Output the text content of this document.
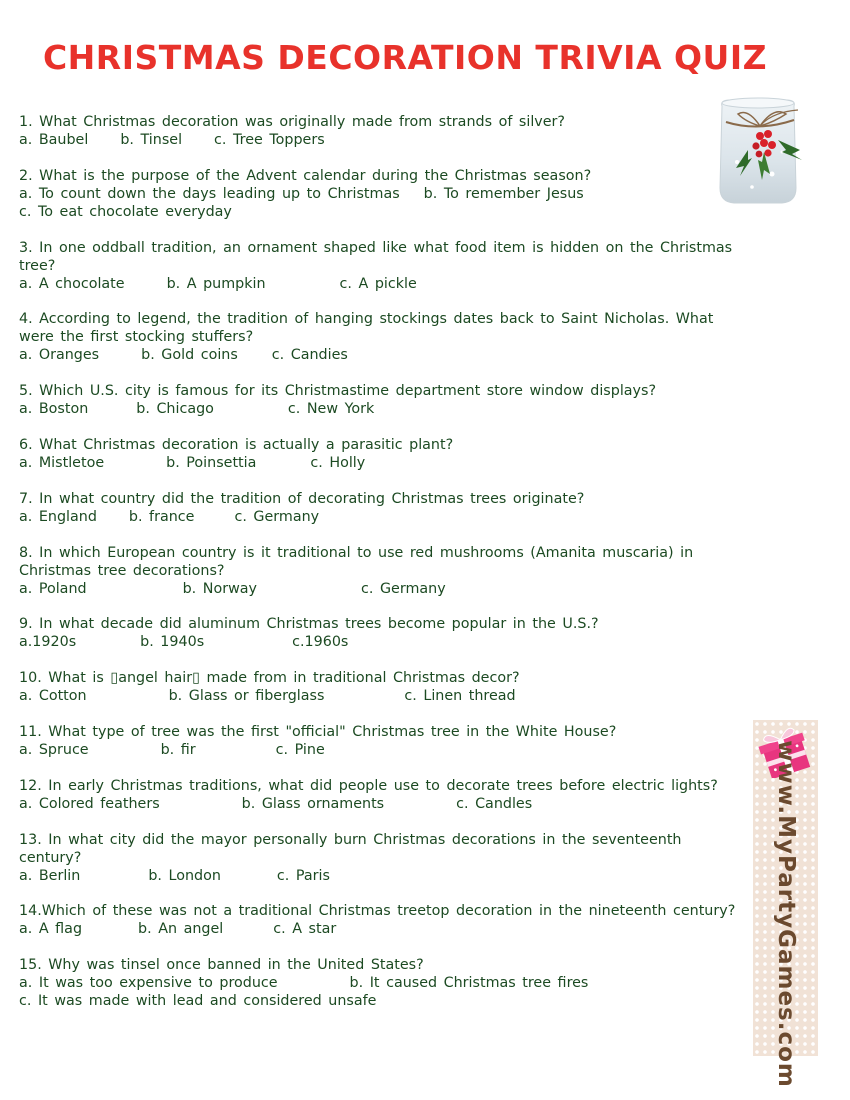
CHRISTMAS DECORATION TRIVIA QUIZ
1. What Christmas decoration was originally made from strands of silver?
a. Baubel b. Tinsel c. Tree Toppers
2. What is the purpose of the Advent calendar during the Christmas season?
a. To count down the days leading up to Christmas b. To remember Jesus
c. To eat chocolate everyday
3. In one oddball tradition, an ornament shaped like what food item is hidden on the Christmas tree?
a. A chocolate	b. A pumpkin	c. A pickle
4. According to legend, the tradition of hanging stockings dates back to Saint Nicholas. What were the first stocking stuffers?
a. Oranges	b. Gold coins c. Candies
5. Which U.S. city is famous for its Christmastime department store window displays?
a. Boston	b. Chicago	c. New York
6. What Christmas decoration is actually a parasitic plant?
a. Mistletoe	b. Poinsettia	c. Holly
7. In what country did the tradition of decorating Christmas trees originate?
a. England b. france	c. Germany
8. In which European country is it traditional to use red mushrooms (Amanita muscaria) in Christmas tree decorations?
a. Poland	b. Norway	c. Germany
9. In what decade did aluminum Christmas trees become popular in the U.S.?
a.1920s	b. 1940s	c.1960s
10. What is ▯angel hair▯ made from in traditional Christmas decor?
a. Cotton	b. Glass or fiberglass	c. Linen thread
11. What type of tree was the first "official" Christmas tree in the White House?
a. Spruce	b. fir	c. Pine
12. In early Christmas traditions, what did people use to decorate trees before electric lights?
a. Colored feathers	b. Glass ornaments	c. Candles
13. In what city did the mayor personally burn Christmas decorations in the seventeenth century?
a. Berlin	b. London	c. Paris
14.Which of these was not a traditional Christmas treetop decoration in the nineteenth century?
a. A flag	b. An angel	c. A star
15. Why was tinsel once banned in the United States?
a. It was too expensive to produce	b. It caused Christmas tree fires
c. It was made with lead and considered unsafe	www.MyPartyGames.com
